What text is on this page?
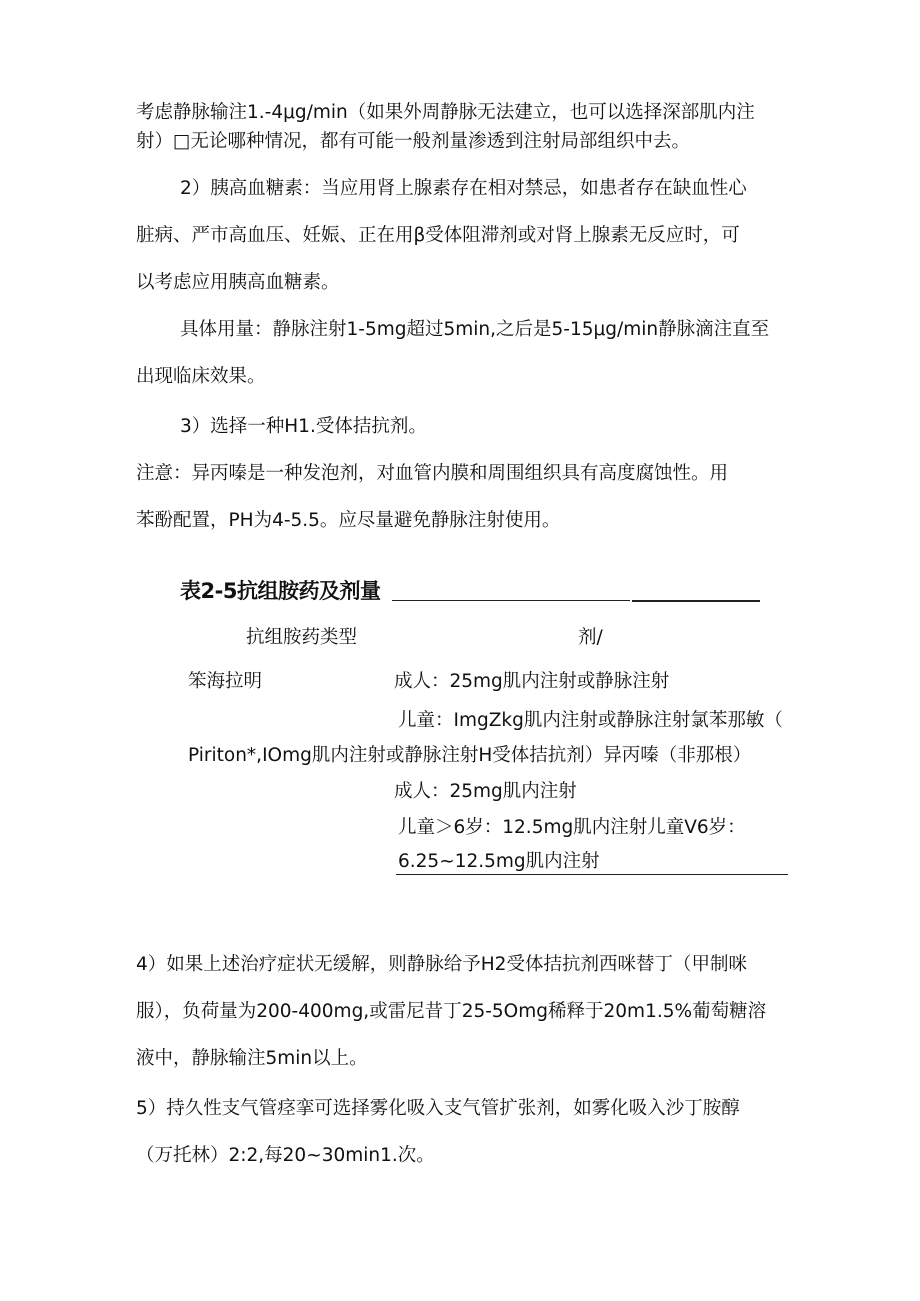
考虑静脉输注1.-4μg/min（如果外周静脉无法建立，也可以选择深部肌内注
射）□无论哪种情况，都有可能一般剂量渗透到注射局部组织中去。
2）胰高血糖素：当应用肾上腺素存在相对禁忌，如患者存在缺血性心
脏病、严市高血压、妊娠、正在用β受体阻滞剂或对肾上腺素无反应时，可
以考虑应用胰高血糖素。
具体用量：静脉注射1-5mg超过5min,之后是5-15μg/min静脉滴注直至
出现临床效果。
3）选择一种H1.受体拮抗剂。
注意：异丙嗪是一种发泡剂，对血管内膜和周围组织具有高度腐蚀性。用
苯酚配置，PH为4-5.5。应尽量避免静脉注射使用。
表2-5抗组胺药及剂量
抗组胺药类型	剂/
笨海拉明	成人：25mg肌内注射或静脉注射
儿童：ImgZkg肌内注射或静脉注射氯苯那敏（
Piriton*,IOmg肌内注射或静脉注射H受体拮抗剂）异丙嗪（非那根）
成人：25mg肌内注射
儿童＞6岁：12.5mg肌内注射儿童V6岁：
6.25~12.5mg肌内注射
4）如果上述治疗症状无缓解，则静脉给予H2受体拮抗剂西咪替丁（甲制咪
服），负荷量为200-400mg,或雷尼昔丁25-5Omg稀释于20m1.5%葡萄糖溶
液中，静脉输注5min以上。
5）持久性支气管痉挛可选择雾化吸入支气管扩张剂，如雾化吸入沙丁胺醇
（万托林）2:2,每20~30min1.次。
